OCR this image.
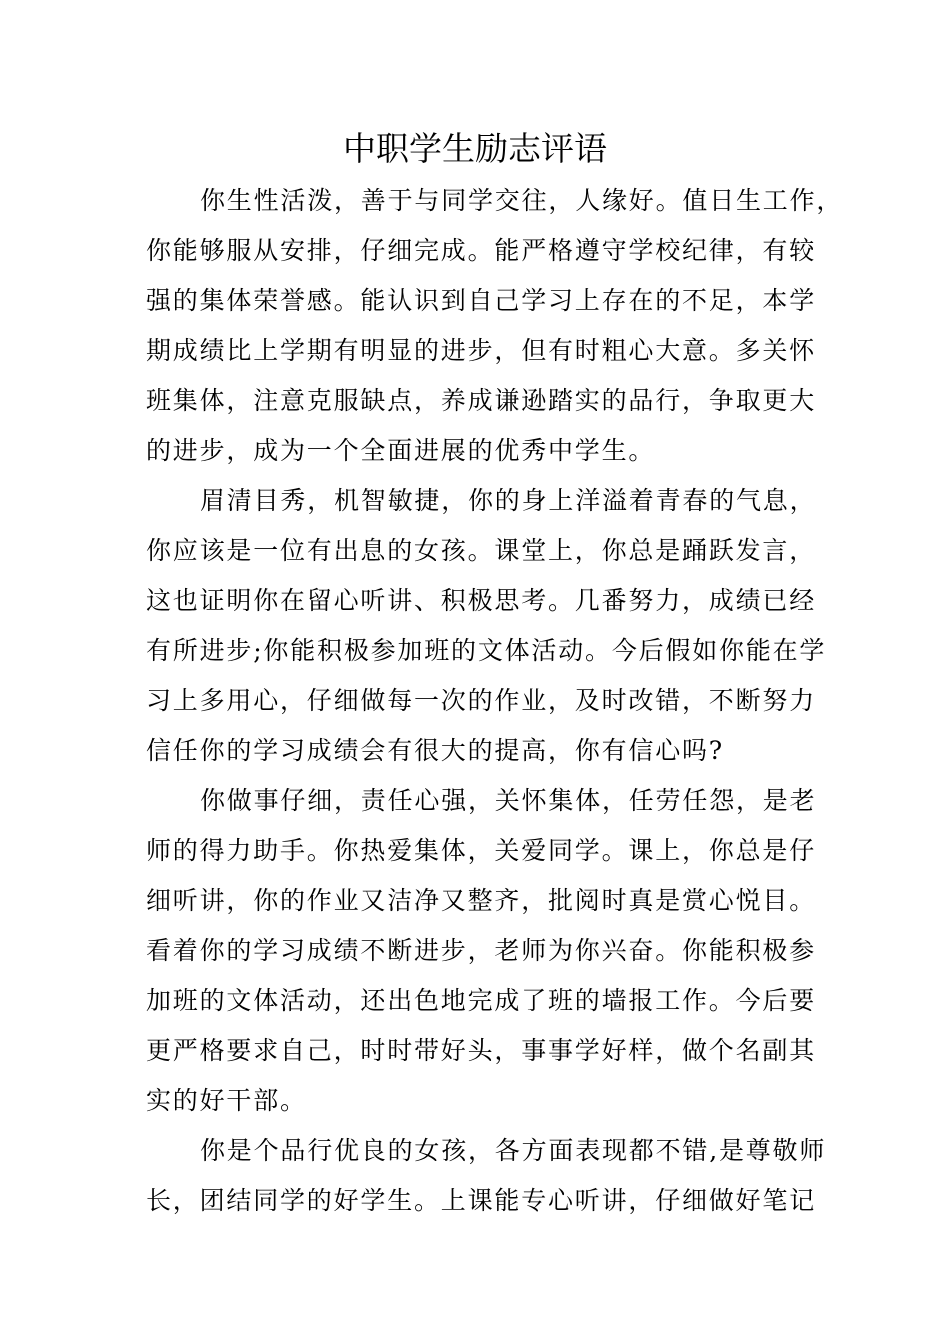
中职学生励志评语

你生性活泼，善于与同学交往，人缘好。值日生工作，
你能够服从安排，仔细完成。能严格遵守学校纪律，有较
强的集体荣誉感。能认识到自己学习上存在的不足，本学
期成绩比上学期有明显的进步，但有时粗心大意。多关怀
班集体，注意克服缺点，养成谦逊踏实的品行，争取更大
的进步，成为一个全面进展的优秀中学生。

眉清目秀，机智敏捷，你的身上洋溢着青春的气息，
你应该是一位有出息的女孩。课堂上，你总是踊跃发言，
这也证明你在留心听讲、积极思考。几番努力，成绩已经
有所进步;你能积极参加班的文体活动。今后假如你能在学
习上多用心，仔细做每一次的作业，及时改错，不断努力
信任你的学习成绩会有很大的提高，你有信心吗?

你做事仔细，责任心强，关怀集体，任劳任怨，是老
师的得力助手。你热爱集体，关爱同学。课上，你总是仔
细听讲，你的作业又洁净又整齐，批阅时真是赏心悦目。
看着你的学习成绩不断进步，老师为你兴奋。你能积极参
加班的文体活动，还出色地完成了班的墙报工作。今后要
更严格要求自己，时时带好头，事事学好样，做个名副其
实的好干部。

你是个品行优良的女孩，各方面表现都不错,是尊敬师
长，团结同学的好学生。上课能专心听讲，仔细做好笔记
